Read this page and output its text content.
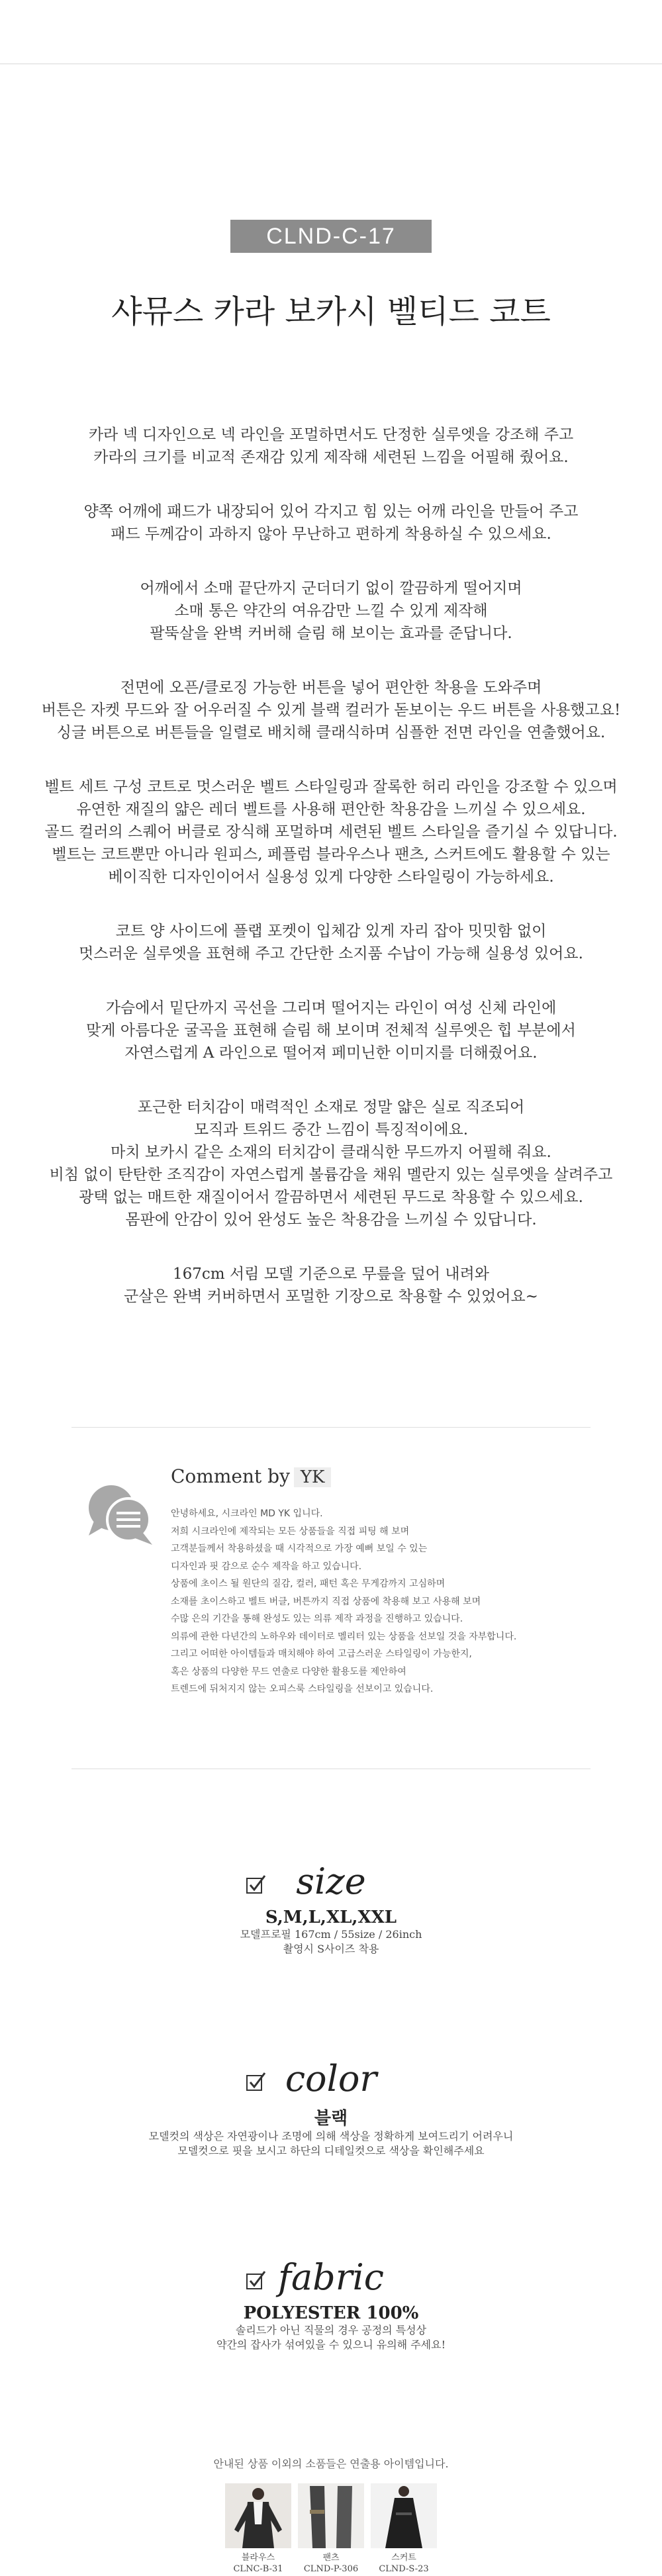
CLND-C-17
샤뮤스 카라 보카시 벨티드 코트
카라 넥 디자인으로 넥 라인을 포멀하면서도 단정한 실루엣을 강조해 주고
카라의 크기를 비교적 존재감 있게 제작해 세련된 느낌을 어필해 줬어요.
양쪽 어깨에 패드가 내장되어 있어 각지고 힘 있는 어깨 라인을 만들어 주고
패드 두께감이 과하지 않아 무난하고 편하게 착용하실 수 있으세요.
어깨에서 소매 끝단까지 군더더기 없이 깔끔하게 떨어지며
소매 통은 약간의 여유감만 느낄 수 있게 제작해
팔뚝살을 완벽 커버해 슬림 해 보이는 효과를 준답니다.
전면에 오픈/클로징 가능한 버튼을 넣어 편안한 착용을 도와주며
버튼은 자켓 무드와 잘 어우러질 수 있게 블랙 컬러가 돋보이는 우드 버튼을 사용했고요!
싱글 버튼으로 버튼들을 일렬로 배치해 클래식하며 심플한 전면 라인을 연출했어요.
벨트 세트 구성 코트로 멋스러운 벨트 스타일링과 잘록한 허리 라인을 강조할 수 있으며
유연한 재질의 얇은 레더 벨트를 사용해 편안한 착용감을 느끼실 수 있으세요.
골드 컬러의 스퀘어 버클로 장식해 포멀하며 세련된 벨트 스타일을 즐기실 수 있답니다.
벨트는 코트뿐만 아니라 원피스, 페플럼 블라우스나 팬츠, 스커트에도 활용할 수 있는
베이직한 디자인이어서 실용성 있게 다양한 스타일링이 가능하세요.
코트 양 사이드에 플랩 포켓이 입체감 있게 자리 잡아 밋밋함 없이
멋스러운 실루엣을 표현해 주고 간단한 소지품 수납이 가능해 실용성 있어요.
가슴에서 밑단까지 곡선을 그리며 떨어지는 라인이 여성 신체 라인에
맞게 아름다운 굴곡을 표현해 슬림 해 보이며 전체적 실루엣은 힙 부분에서
자연스럽게 A 라인으로 떨어져 페미닌한 이미지를 더해줬어요.
포근한 터치감이 매력적인 소재로 정말 얇은 실로 직조되어
모직과 트위드 중간 느낌이 특징적이에요.
마치 보카시 같은 소재의 터치감이 클래식한 무드까지 어필해 줘요.
비침 없이 탄탄한 조직감이 자연스럽게 볼륨감을 채워 멜란지 있는 실루엣을 살려주고
광택 없는 매트한 재질이어서 깔끔하면서 세련된 무드로 착용할 수 있으세요.
몸판에 안감이 있어 완성도 높은 착용감을 느끼실 수 있답니다.
167cm 서림 모델 기준으로 무릎을 덮어 내려와
군살은 완벽 커버하면서 포멀한 기장으로 착용할 수 있었어요~
Comment by YK
안녕하세요, 시크라인 MD YK 입니다.
저희 시크라인에 제작되는 모든 상품들을 직접 피팅 해 보며
고객분들께서 착용하셨을 때 시각적으로 가장 예뻐 보일 수 있는
디자인과 핏 감으로 순수 제작을 하고 있습니다.
상품에 초이스 될 원단의 질감, 컬러, 패턴 혹은 무게감까지 고심하며
소재를 초이스하고 벨트 버클, 버튼까지 직접 상품에 착용해 보고 사용해 보며
수많 은의 기간을 통해 완성도 있는 의류 제작 과정을 진행하고 있습니다.
의류에 관한 다년간의 노하우와 데이터로 멜리터 있는 상품을 선보일 것을 자부합니다.
그리고 어떠한 아이템들과 매치해야 하여 고급스러운 스타일링이 가능한지,
혹은 상품의 다양한 무드 연출로 다양한 활용도를 제안하여
트렌드에 뒤처지지 않는 오피스룩 스타일링을 선보이고 있습니다.
size
S,M,L,XL,XXL
모델프로필 167cm / 55size / 26inch
촬영시 S사이즈 착용
color
블랙
모델컷의 색상은 자연광이나 조명에 의해 색상을 정확하게 보여드리기 어려우니
모델컷으로 핏을 보시고 하단의 디테일컷으로 색상을 확인해주세요
fabric
POLYESTER 100%
솔리드가 아닌 직물의 경우 공정의 특성상
약간의 잡사가 섞여있을 수 있으니 유의해 주세요!
안내된 상품 이외의 소품들은 연출용 아이템입니다.
블라우스
CLNC-B-31
팬츠
CLND-P-306
스커트
CLND-S-23
